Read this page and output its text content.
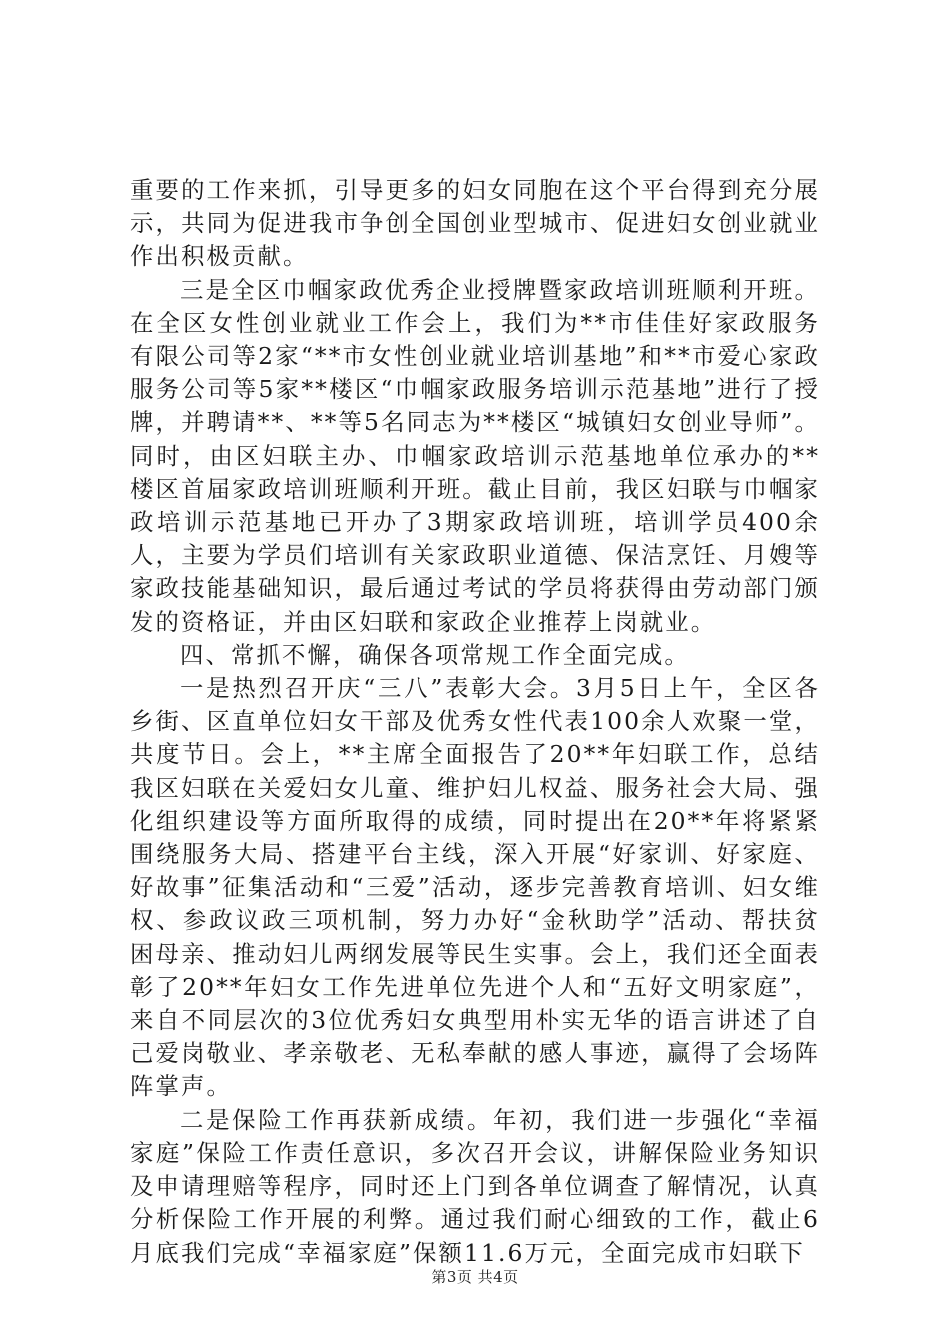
重要的工作来抓，引导更多的妇女同胞在这个平台得到充分展示，共同为促进我市争创全国创业型城市、促进妇女创业就业作出积极贡献。

三是全区巾帼家政优秀企业授牌暨家政培训班顺利开班。在全区女性创业就业工作会上，我们为**市佳佳好家政服务有限公司等2家“**市女性创业就业培训基地”和**市爱心家政服务公司等5家**楼区“巾帼家政服务培训示范基地”进行了授牌，并聘请**、**等5名同志为**楼区“城镇妇女创业导师”。同时，由区妇联主办、巾帼家政培训示范基地单位承办的**楼区首届家政培训班顺利开班。截止目前，我区妇联与巾帼家政培训示范基地已开办了3期家政培训班，培训学员400余人，主要为学员们培训有关家政职业道德、保洁烹饪、月嫂等家政技能基础知识，最后通过考试的学员将获得由劳动部门颁发的资格证，并由区妇联和家政企业推荐上岗就业。

四、常抓不懈，确保各项常规工作全面完成。

一是热烈召开庆“三八”表彰大会。3月5日上午，全区各乡街、区直单位妇女干部及优秀女性代表100余人欢聚一堂，共度节日。会上，**主席全面报告了20**年妇联工作，总结我区妇联在关爱妇女儿童、维护妇儿权益、服务社会大局、强化组织建设等方面所取得的成绩，同时提出在20**年将紧紧围绕服务大局、搭建平台主线，深入开展“好家训、好家庭、好故事”征集活动和“三爱”活动，逐步完善教育培训、妇女维权、参政议政三项机制，努力办好“金秋助学”活动、帮扶贫困母亲、推动妇儿两纲发展等民生实事。会上，我们还全面表彰了20**年妇女工作先进单位先进个人和“五好文明家庭”，来自不同层次的3位优秀妇女典型用朴实无华的语言讲述了自己爱岗敬业、孝亲敬老、无私奉献的感人事迹，赢得了会场阵阵掌声。

二是保险工作再获新成绩。年初，我们进一步强化“幸福家庭”保险工作责任意识，多次召开会议，讲解保险业务知识及申请理赔等程序，同时还上门到各单位调查了解情况，认真分析保险工作开展的利弊。通过我们耐心细致的工作，截止6月底我们完成“幸福家庭”保额11.6万元，全面完成市妇联下

第3页 共4页
